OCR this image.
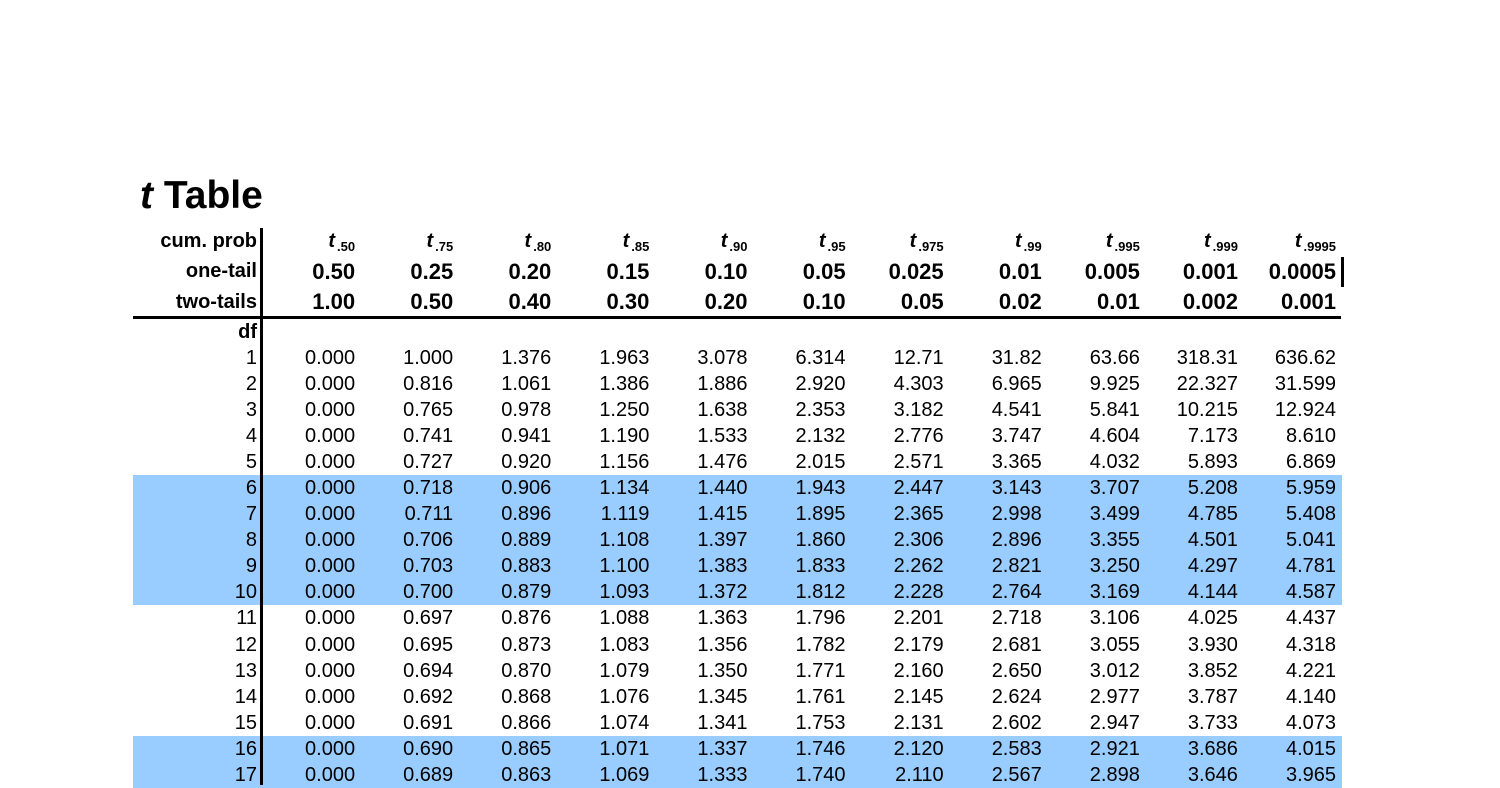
t Table
cum. prob	t $_{.50}$	t $_{.75}$	t $_{.80}$	t $_{.85}$	t $_{.90}$	t $_{.95}$	t $_{.975}$	t $_{.99}$	t $_{.995}$	t $_{.999}$	t $_{.9995}$
one-tail	0.50	0.25	0.20	0.15	0.10	0.05	0.025	0.01	0.005	0.001	0.0005
two-tails	1.00	0.50	0.40	0.30	0.20	0.10	0.05	0.02	0.01	0.002	0.001
df
1	0.000	1.000	1.376	1.963	3.078	6.314	12.71	31.82	63.66	318.31	636.62
2	0.000	0.816	1.061	1.386	1.886	2.920	4.303	6.965	9.925	22.327	31.599
3	0.000	0.765	0.978	1.250	1.638	2.353	3.182	4.541	5.841	10.215	12.924
4	0.000	0.741	0.941	1.190	1.533	2.132	2.776	3.747	4.604	7.173	8.610
5	0.000	0.727	0.920	1.156	1.476	2.015	2.571	3.365	4.032	5.893	6.869
6	0.000	0.718	0.906	1.134	1.440	1.943	2.447	3.143	3.707	5.208	5.959
7	0.000	0.711	0.896	1.119	1.415	1.895	2.365	2.998	3.499	4.785	5.408
8	0.000	0.706	0.889	1.108	1.397	1.860	2.306	2.896	3.355	4.501	5.041
9	0.000	0.703	0.883	1.100	1.383	1.833	2.262	2.821	3.250	4.297	4.781
10	0.000	0.700	0.879	1.093	1.372	1.812	2.228	2.764	3.169	4.144	4.587
11	0.000	0.697	0.876	1.088	1.363	1.796	2.201	2.718	3.106	4.025	4.437
12	0.000	0.695	0.873	1.083	1.356	1.782	2.179	2.681	3.055	3.930	4.318
13	0.000	0.694	0.870	1.079	1.350	1.771	2.160	2.650	3.012	3.852	4.221
14	0.000	0.692	0.868	1.076	1.345	1.761	2.145	2.624	2.977	3.787	4.140
15	0.000	0.691	0.866	1.074	1.341	1.753	2.131	2.602	2.947	3.733	4.073
16	0.000	0.690	0.865	1.071	1.337	1.746	2.120	2.583	2.921	3.686	4.015
17	0.000	0.689	0.863	1.069	1.333	1.740	2.110	2.567	2.898	3.646	3.965
